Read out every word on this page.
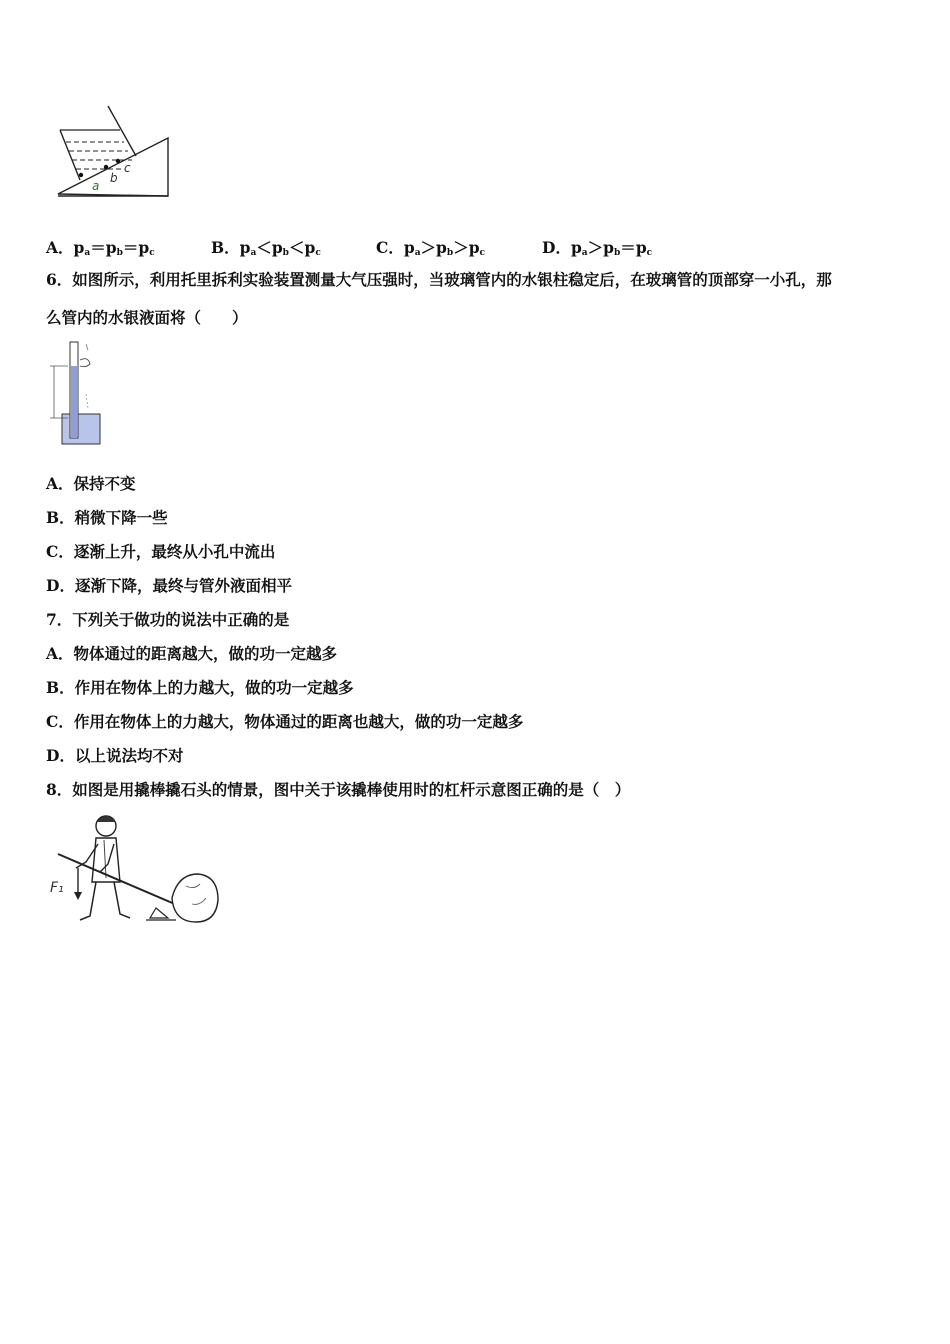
a
b
c
A．$p_a=p_b=p_c$	B．$p_a<p_b<p_c$	C．$p_a>p_b>p_c$	D．$p_a>p_b=p_c$
6．如图所示，利用托里拆利实验装置测量大气压强时，当玻璃管内的水银柱稳定后，在玻璃管的顶部穿一小孔，那
么管内的水银液面将（　　）
A．保持不变
B．稍微下降一些
C．逐渐上升，最终从小孔中流出
D．逐渐下降，最终与管外液面相平
7．下列关于做功的说法中正确的是
A．物体通过的距离越大，做的功一定越多
B．作用在物体上的力越大，做的功一定越多
C．作用在物体上的力越大，物体通过的距离也越大，做的功一定越多
D．以上说法均不对
8．如图是用撬棒撬石头的情景，图中关于该撬棒使用时的杠杆示意图正确的是（　）
F₁
